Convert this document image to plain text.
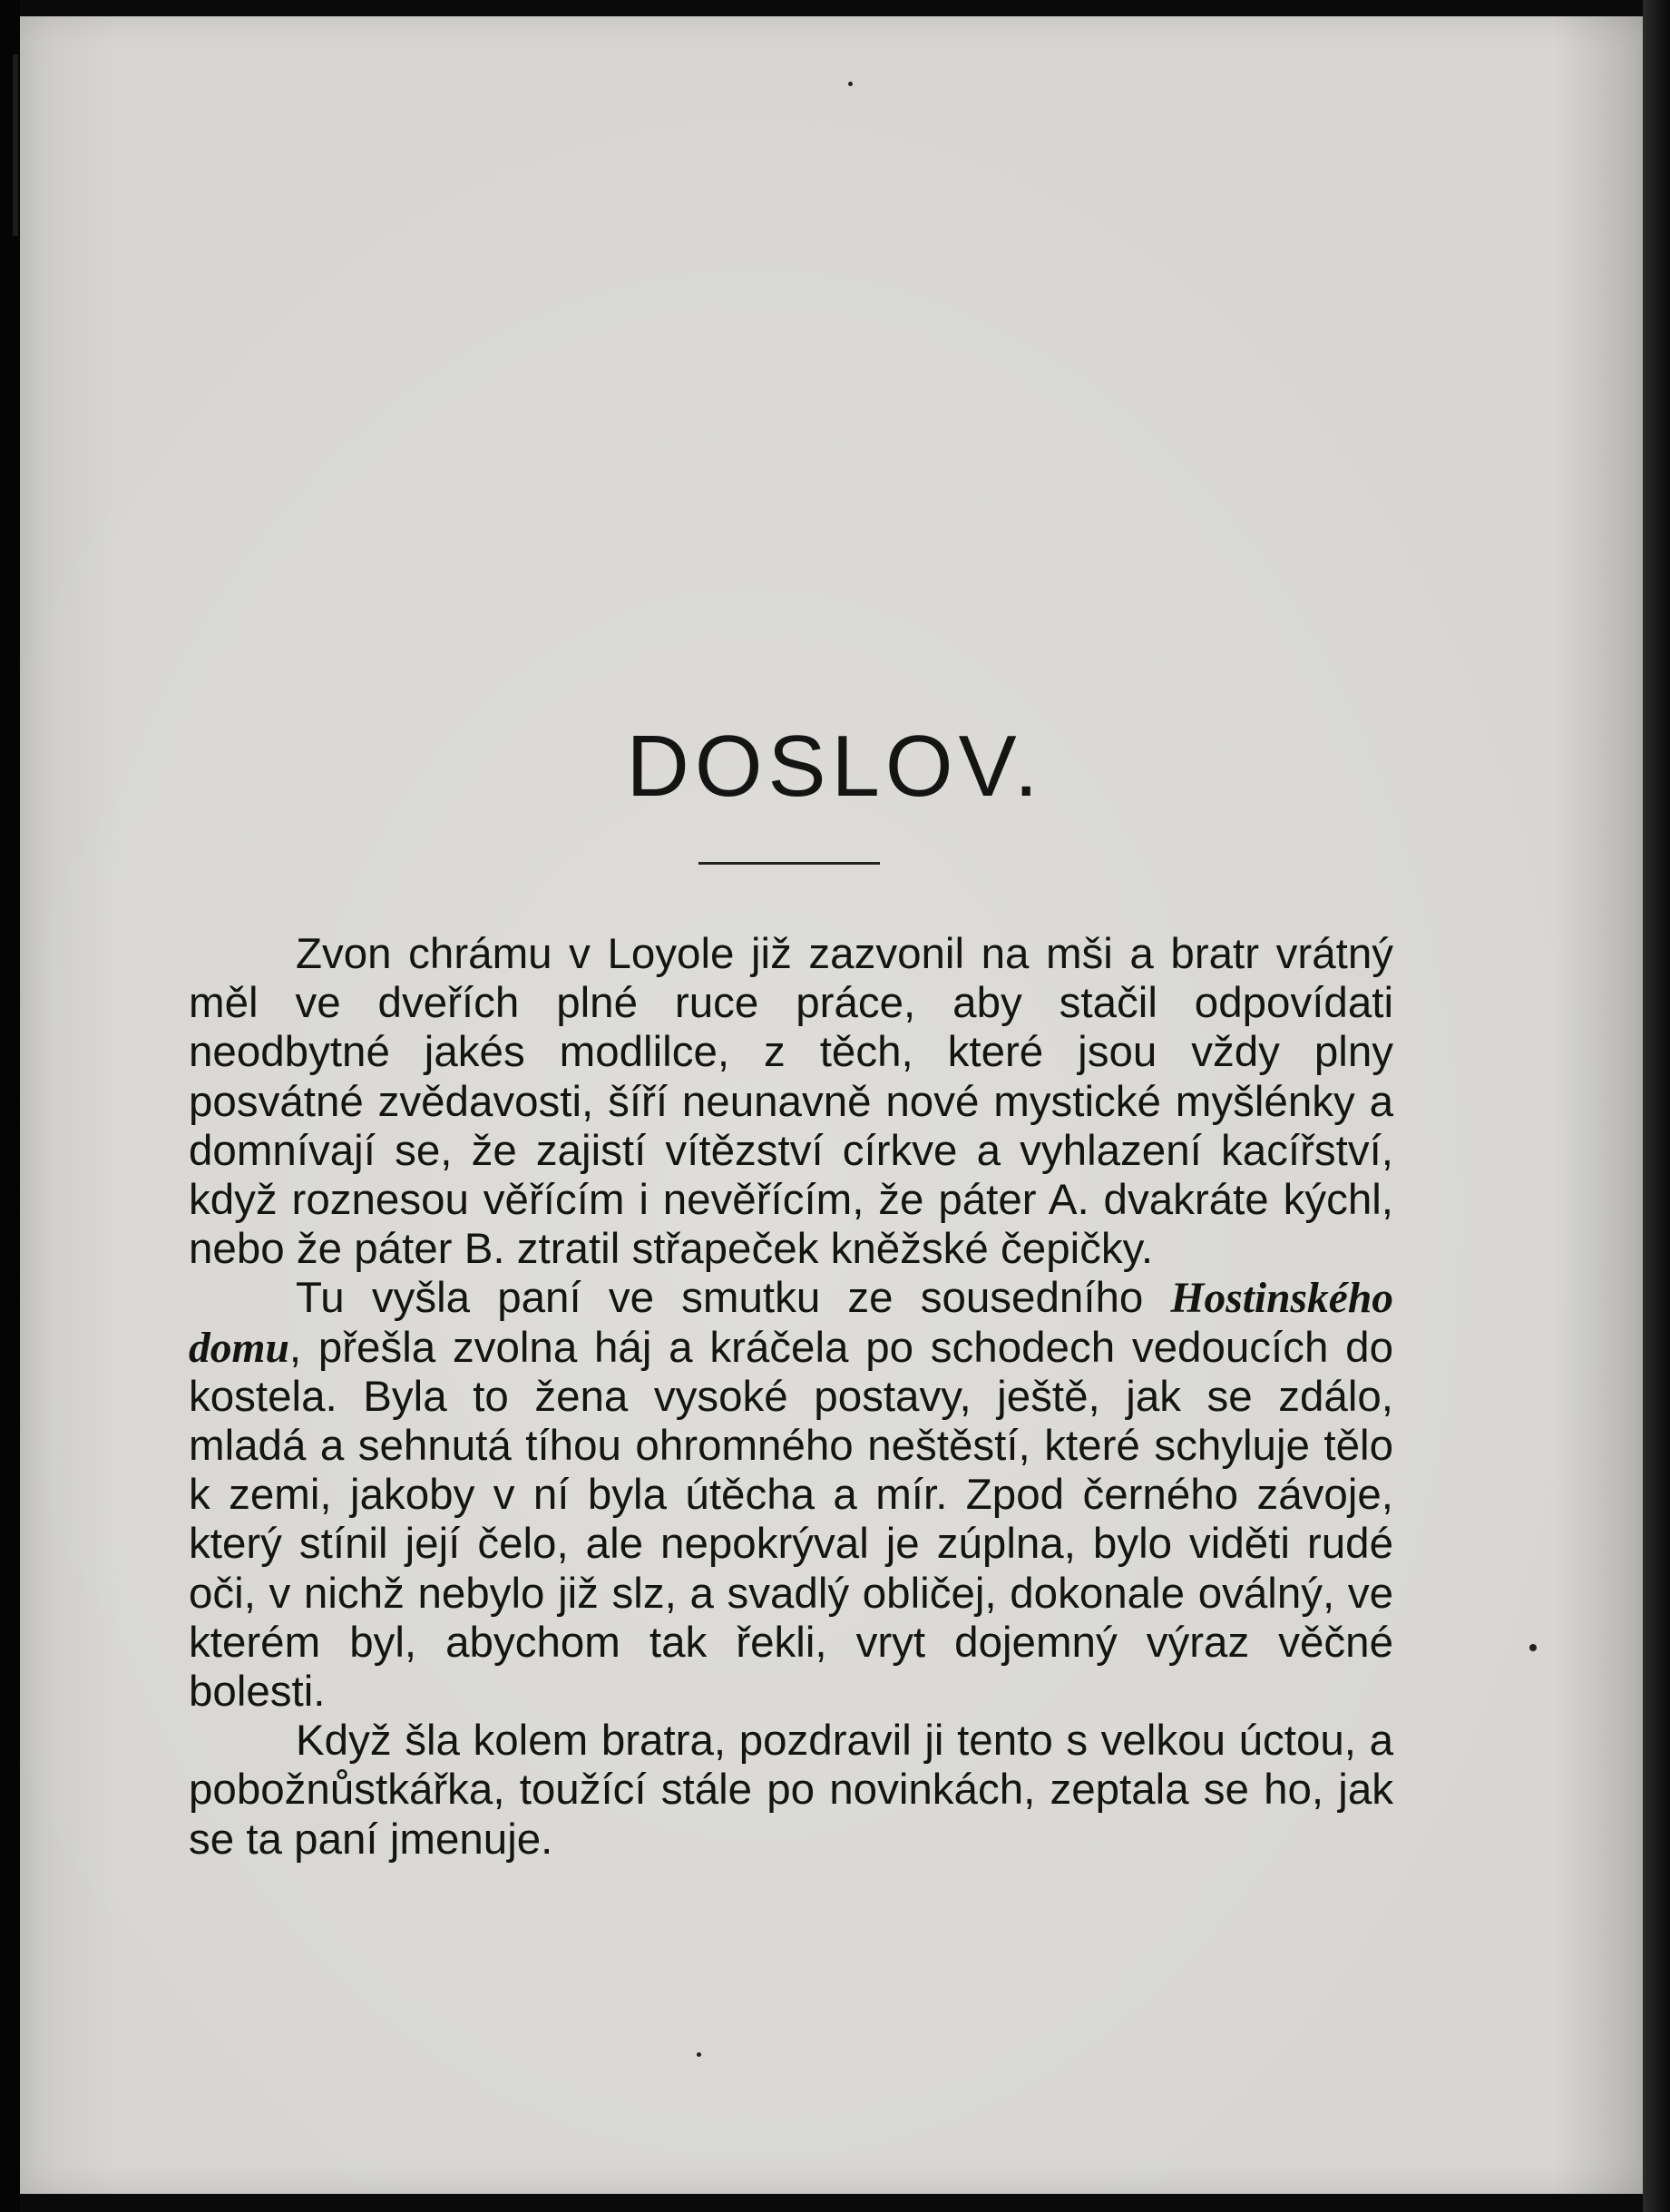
DOSLOV.

Zvon chrámu v Loyole již zazvonil na mši a bratr vrátný měl ve dveřích plné ruce práce, aby stačil odpovídati neodbytné jakés modlilce, z těch, které jsou vždy plny posvátné zvědavosti, šíří neunavně nové mystické myšlénky a domnívají se, že zajistí vítězství církve a vyhlazení kacířství, když roznesou věřícím i nevěřícím, že páter A. dvakráte kýchl, nebo že páter B. ztratil střapeček kněžské čepičky.

Tu vyšla paní ve smutku ze sousedního Hostinského domu, přešla zvolna háj a kráčela po schodech vedoucích do kostela. Byla to žena vysoké postavy, ještě, jak se zdálo, mladá a sehnutá tíhou ohromného neštěstí, které schyluje tělo k zemi, jakoby v ní byla útěcha a mír. Zpod černého závoje, který stínil její čelo, ale nepokrýval je zúplna, bylo viděti rudé oči, v nichž nebylo již slz, a svadlý obličej, dokonale oválný, ve kterém byl, abychom tak řekli, vryt dojemný výraz věčné bolesti.

Když šla kolem bratra, pozdravil ji tento s velkou úctou, a pobožnůstkářka, toužící stále po novinkách, zeptala se ho, jak se ta paní jmenuje.
